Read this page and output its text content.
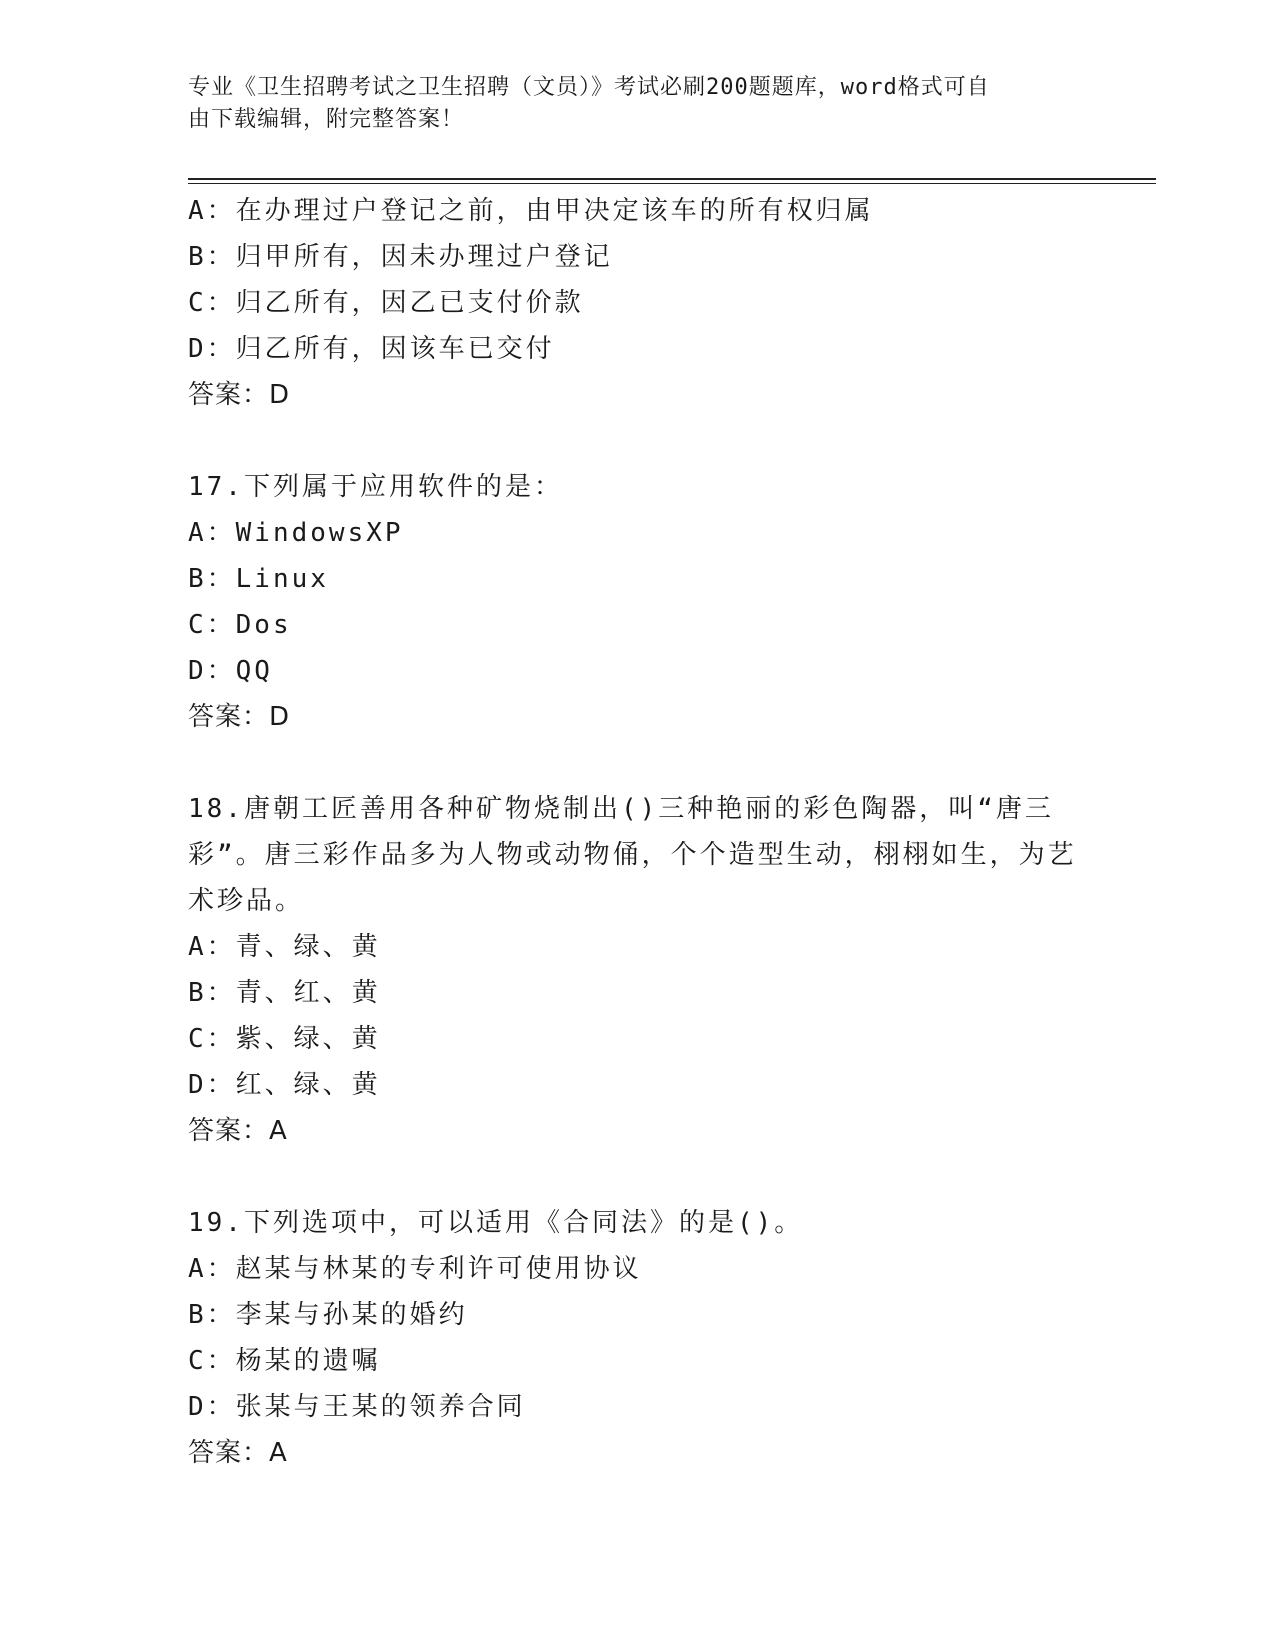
专业《卫生招聘考试之卫生招聘（文员）》考试必刷200题题库，word格式可自
由下载编辑，附完整答案！
A：在办理过户登记之前，由甲决定该车的所有权归属
B：归甲所有，因未办理过户登记
C：归乙所有，因乙已支付价款
D：归乙所有，因该车已交付
答案：D
17.下列属于应用软件的是：
A：WindowsXP
B：Linux
C：Dos
D：QQ
答案：D
18.唐朝工匠善用各种矿物烧制出()三种艳丽的彩色陶器，叫“唐三彩”。唐三彩作品多为人物或动物俑，个个造型生动，栩栩如生，为艺术珍品。
A：青、绿、黄
B：青、红、黄
C：紫、绿、黄
D：红、绿、黄
答案：A
19.下列选项中，可以适用《合同法》的是()。
A：赵某与林某的专利许可使用协议
B：李某与孙某的婚约
C：杨某的遗嘱
D：张某与王某的领养合同
答案：A
